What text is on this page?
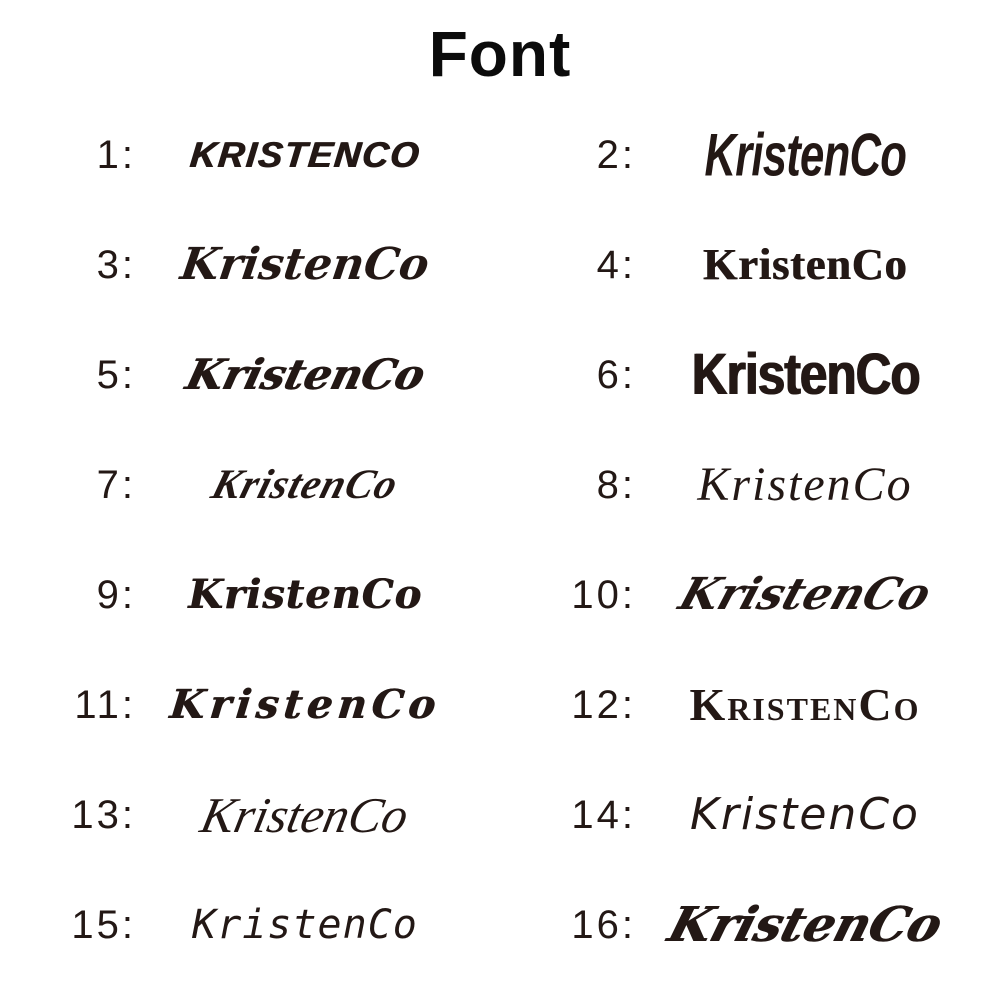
Font
1: KRISTENCO	2: KristenCo
3: KristenCo	4: KristenCo
5: KristenCo	6: KristenCo
7: KristenCo	8: KristenCo
9: KristenCo	10: KristenCo
11: KristenCo	12: KristenCo
13: KristenCo	14: KristenCo
15: KristenCo	16: KristenCo
